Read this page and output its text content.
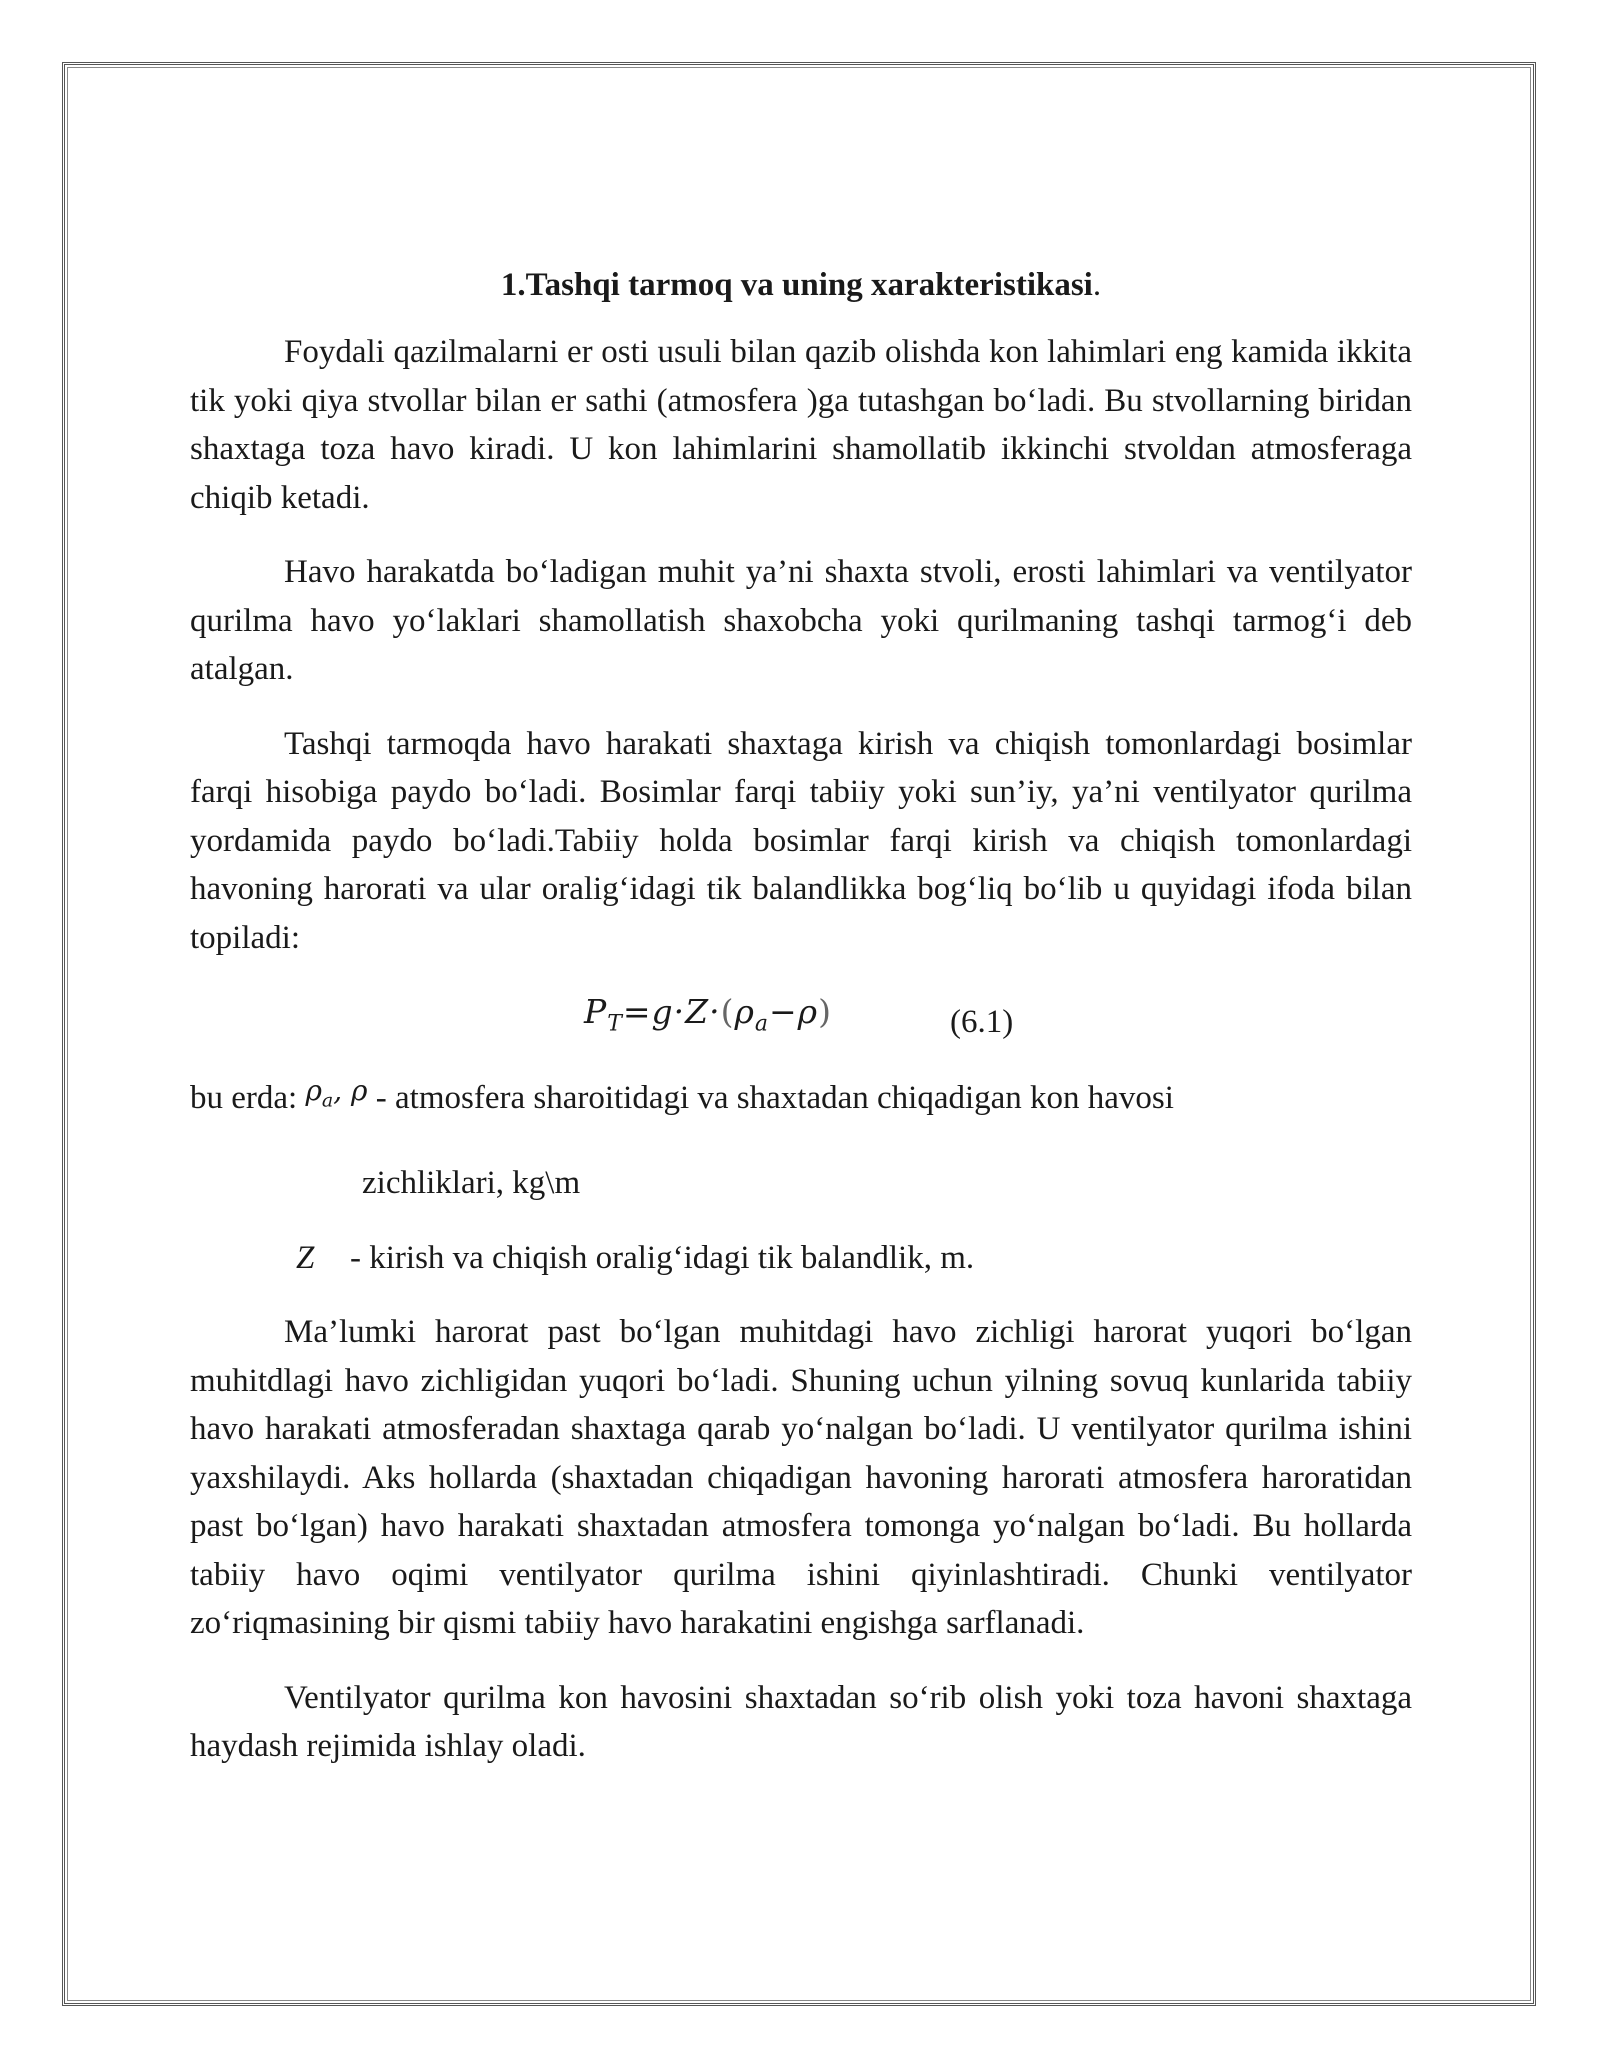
1.Tashqi tarmoq va uning xarakteristikasi.

Foydali qazilmalarni er osti usuli bilan qazib olishda kon lahimlari eng kamida ikkita tik yoki qiya stvollar bilan er sathi (atmosfera )ga tutashgan bo‘ladi. Bu stvollarning biridan shaxtaga toza havo kiradi. U kon lahimlarini shamollatib ikkinchi stvoldan atmosferaga chiqib ketadi.

Havo harakatda bo‘ladigan muhit ya’ni shaxta stvoli, erosti lahimlari va ventilyator qurilma havo yo‘laklari shamollatish shaxobcha yoki qurilmaning tashqi tarmog‘i deb atalgan.

Tashqi tarmoqda havo harakati shaxtaga kirish va chiqish tomonlardagi bosimlar farqi hisobiga paydo bo‘ladi. Bosimlar farqi tabiiy yoki sun’iy, ya’ni ventilyator qurilma yordamida paydo bo‘ladi.Tabiiy holda bosimlar farqi kirish va chiqish tomonlardagi havoning harorati va ular oralig‘idagi tik balandlikka bog‘liq bo‘lib u quyidagi ifoda bilan topiladi:

$P_T=g\cdot Z\cdot(\rho_a-\rho)$	(6.1)
bu erda: $^{\rho_a, \rho}$ - atmosfera sharoitidagi va shaxtadan chiqadigan kon havosi
zichliklari, kg\m
Z - kirish va chiqish oralig‘idagi tik balandlik, m.

Ma’lumki harorat past bo‘lgan muhitdagi havo zichligi harorat yuqori bo‘lgan muhitdlagi havo zichligidan yuqori bo‘ladi. Shuning uchun yilning sovuq kunlarida tabiiy havo harakati atmosferadan shaxtaga qarab yo‘nalgan bo‘ladi. U ventilyator qurilma ishini yaxshilaydi. Aks hollarda (shaxtadan chiqadigan havoning harorati atmosfera haroratidan past bo‘lgan) havo harakati shaxtadan atmosfera tomonga yo‘nalgan bo‘ladi. Bu hollarda tabiiy havo oqimi ventilyator qurilma ishini qiyinlashtiradi. Chunki ventilyator zo‘riqmasining bir qismi tabiiy havo harakatini engishga sarflanadi.

Ventilyator qurilma kon havosini shaxtadan so‘rib olish yoki toza havoni shaxtaga haydash rejimida ishlay oladi.
